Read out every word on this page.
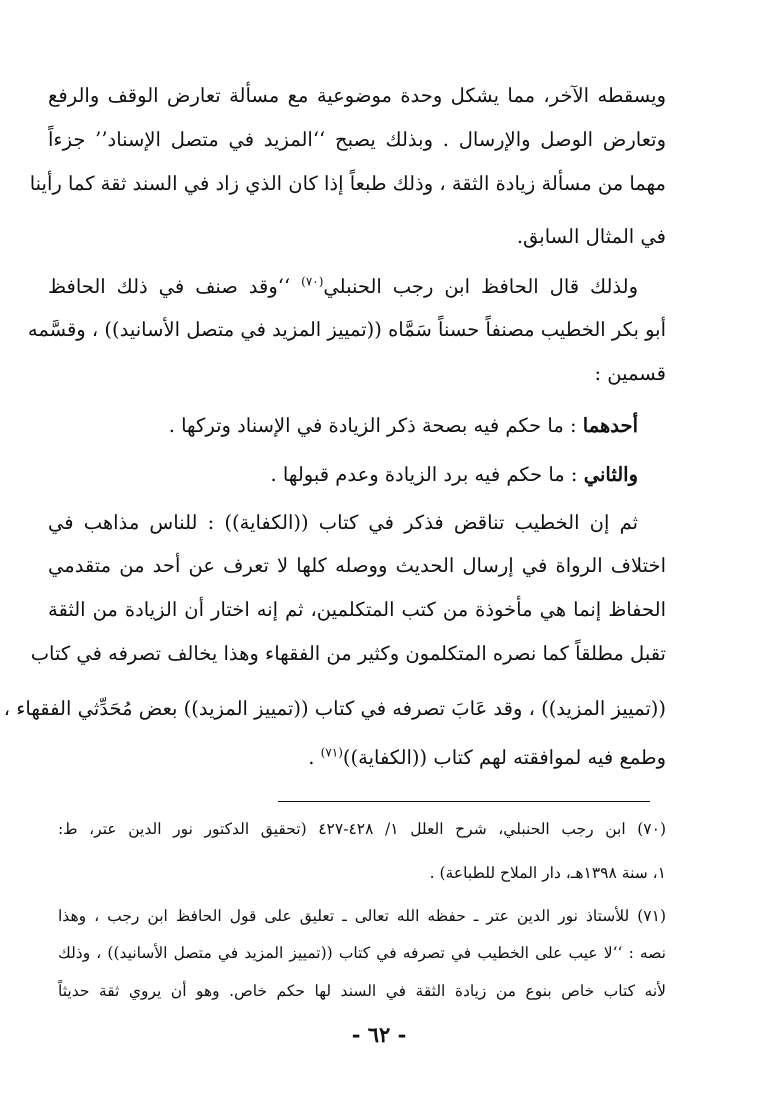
ويسقطه الآخر، مما يشكل وحدة موضوعية مع مسألة تعارض الوقف والرفع
وتعارض الوصل والإرسال . وبذلك يصبح ‘‘المزيد في متصل الإسناد’’ جزءاً
مهما من مسألة زيادة الثقة ، وذلك طبعاً إذا كان الذي زاد في السند ثقة كما رأينا
في المثال السابق.
ولذلك قال الحافظ ابن رجب الحنبلي$^{(٧٠)}$ ‘‘وقد صنف في ذلك الحافظ
أبو بكر الخطيب مصنفاً حسناً سَمَّاه ((تمييز المزيد في متصل الأسانيد)) ، وقسَّمه
قسمين :
أحدهما : ما حكم فيه بصحة ذكر الزيادة في الإسناد وتركها .
والثاني : ما حكم فيه برد الزيادة وعدم قبولها .
ثم إن الخطيب تناقض فذكر في كتاب ((الكفاية)) : للناس مذاهب في
اختلاف الرواة في إرسال الحديث ووصله كلها لا تعرف عن أحد من متقدمي
الحفاظ إنما هي مأخوذة من كتب المتكلمين، ثم إنه اختار أن الزيادة من الثقة
تقبل مطلقاً كما نصره المتكلمون وكثير من الفقهاء وهذا يخالف تصرفه في كتاب
((تمييز المزيد)) ، وقد عَابَ تصرفه في كتاب ((تمييز المزيد)) بعض مُحَدِّثي الفقهاء ،
وطمع فيه لموافقته لهم كتاب ((الكفاية))$^{(٧١)}$ .
(٧٠) ابن رجب الحنبلي، شرح العلل ١/ ٤٢٨-٤٢٧ (تحقيق الدكتور نور الدين عتر، ط:
١، سنة ١٣٩٨هـ، دار الملاح للطباعة) .
(٧١) للأستاذ نور الدين عتر ـ حفظه الله تعالى ـ تعليق على قول الحافظ ابن رجب ، وهذا
نصه : ‘‘لا عيب على الخطيب في تصرفه في كتاب ((تمييز المزيد في متصل الأسانيد)) ، وذلك
لأنه كتاب خاص بنوع من زيادة الثقة في السند لها حكم خاص. وهو أن يروي ثقة حديثاً
- ٦٢ -
